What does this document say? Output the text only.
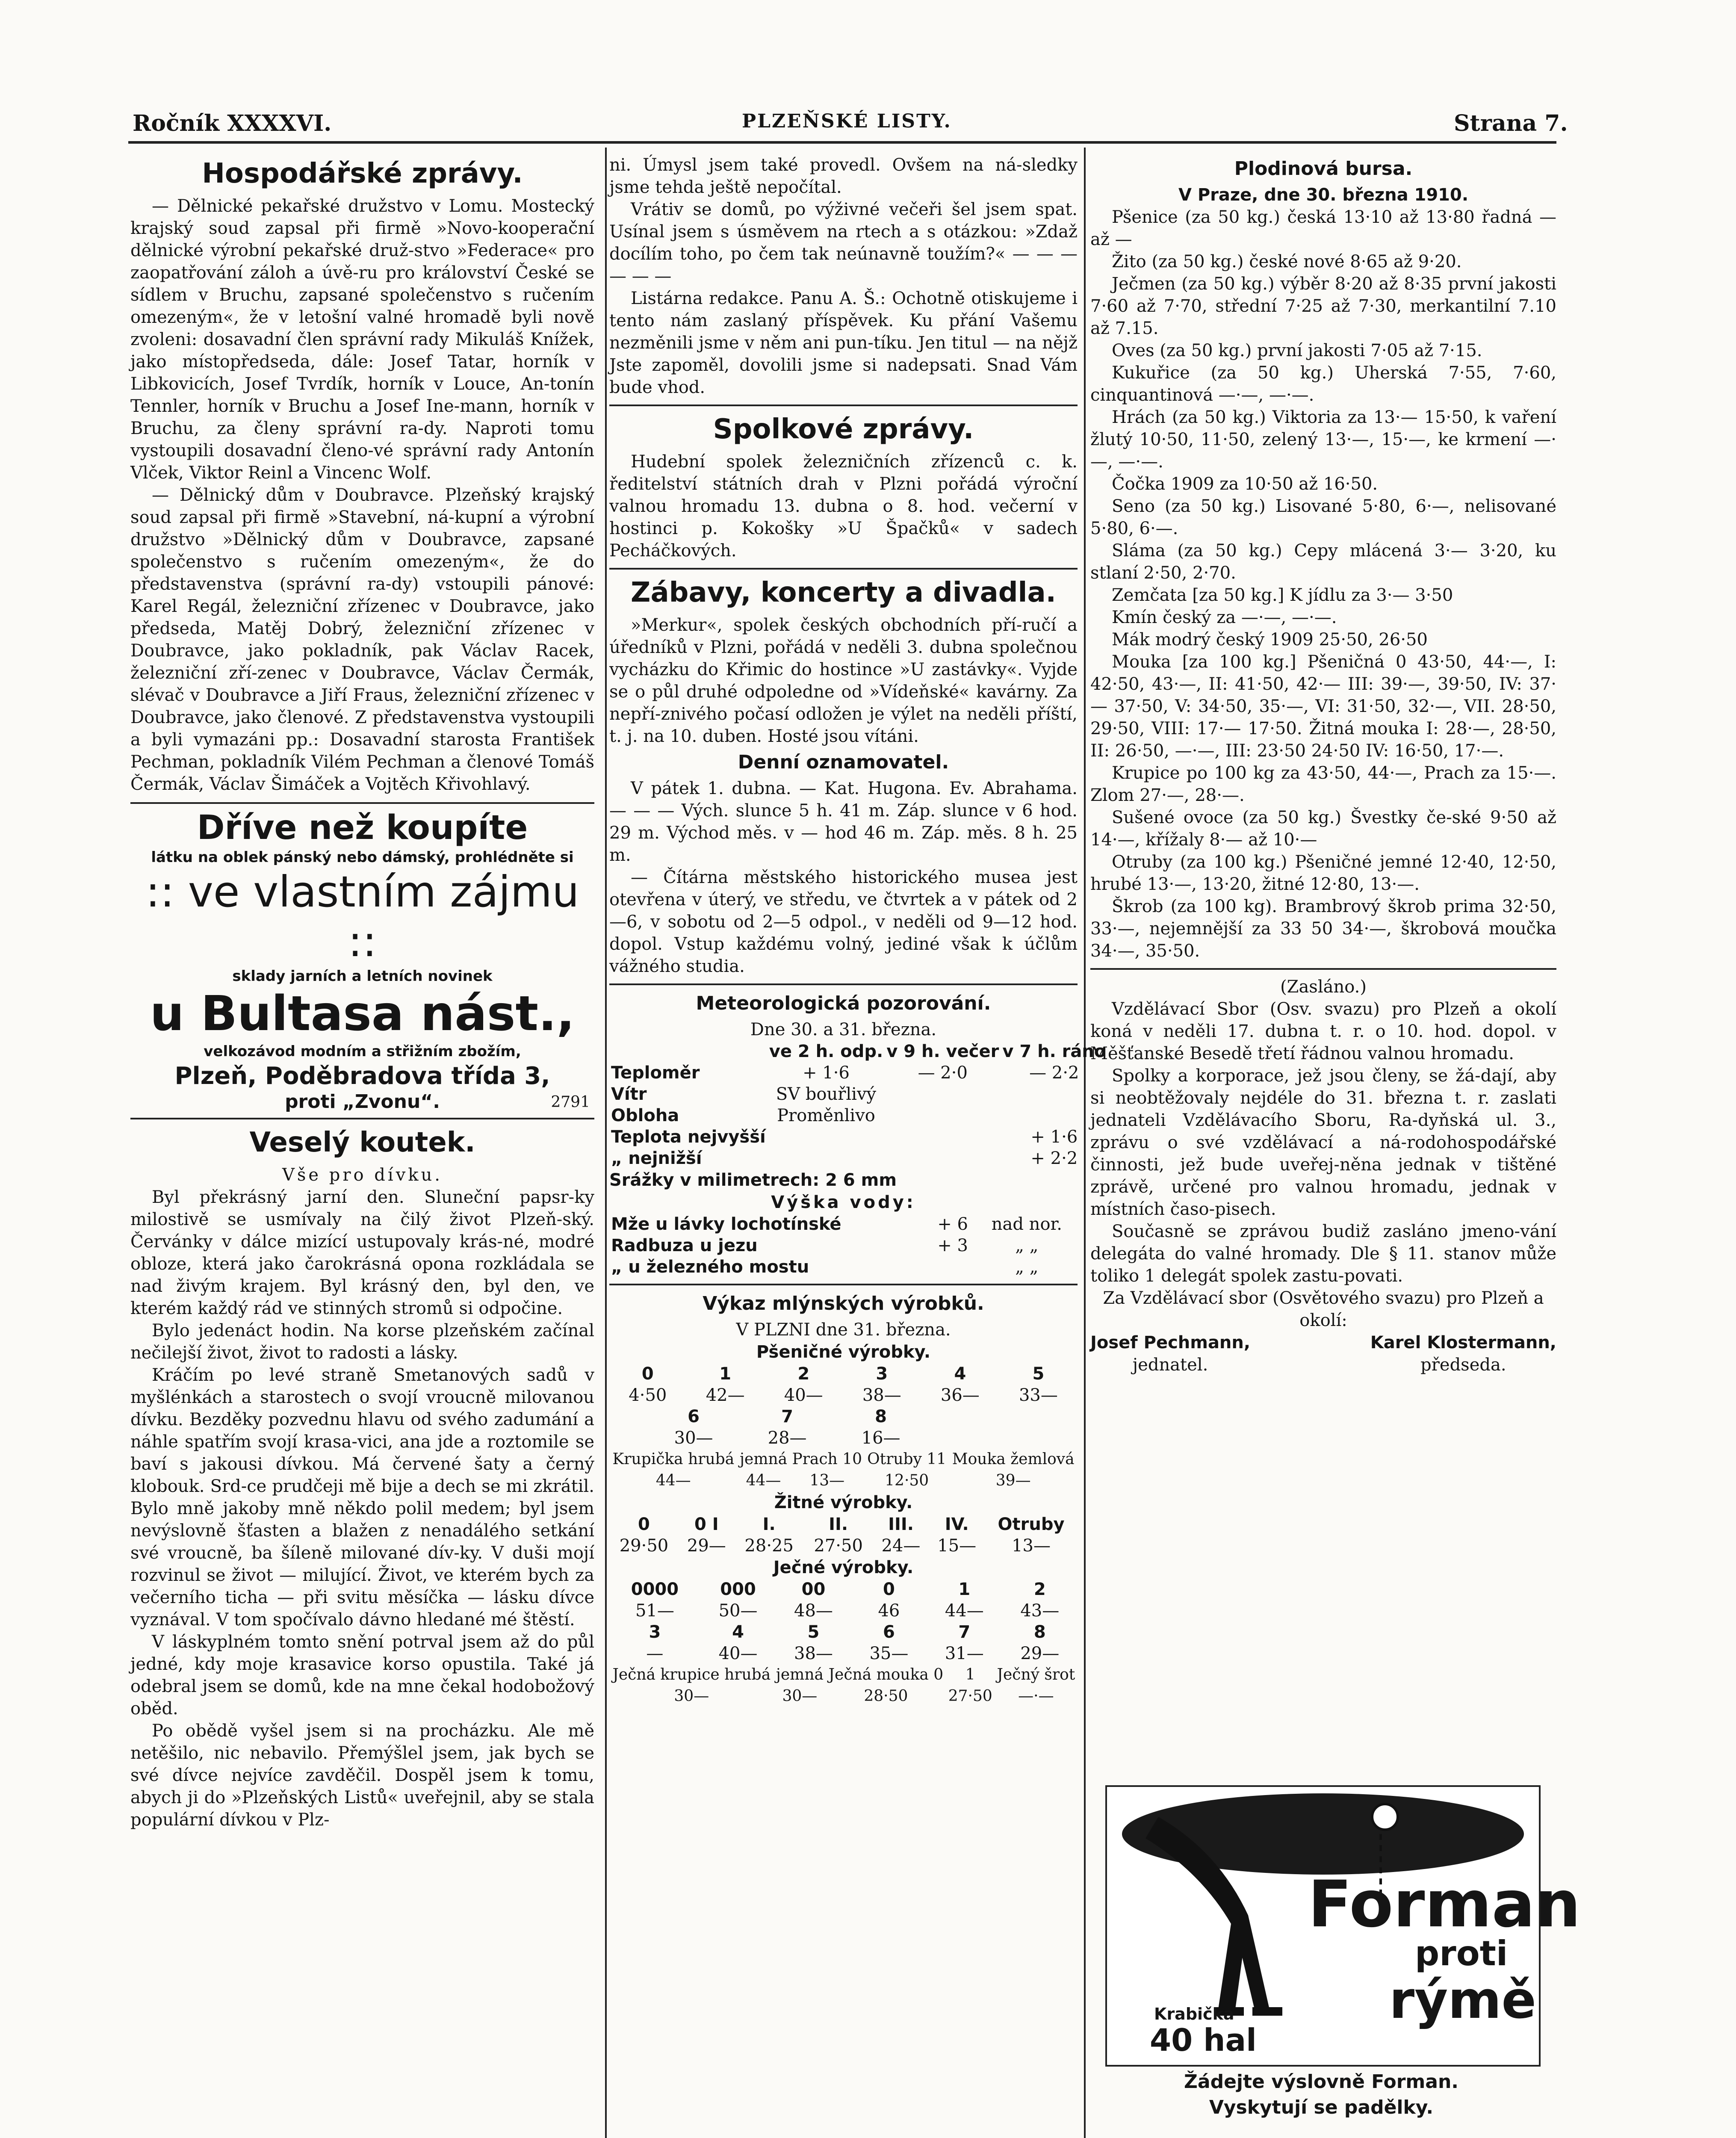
Ročník XXXXVI.	PLZEŇSKÉ LISTY.	Strana 7.
Hospodářské zprávy.

— Dělnické pekařské družstvo v Lomu. Mostecký krajský soud zapsal při firmě »Novo-kooperační dělnické výrobní pekařské druž-stvo »Federace« pro zaopatřování záloh a úvě-ru pro království České se sídlem v Bruchu, zapsané společenstvo s ručením omezeným«, že v letošní valné hromadě byli nově zvoleni: dosavadní člen správní rady Mikuláš Knížek, jako místopředseda, dále: Josef Tatar, horník v Libkovicích, Josef Tvrdík, horník v Louce, An-tonín Tennler, horník v Bruchu a Josef Ine-mann, horník v Bruchu, za členy správní ra-dy. Naproti tomu vystoupili dosavadní členo-vé správní rady Antonín Vlček, Viktor Reinl a Vincenc Wolf.

— Dělnický dům v Doubravce. Plzeňský krajský soud zapsal při firmě »Stavební, ná-kupní a výrobní družstvo »Dělnický dům v Doubravce, zapsané společenstvo s ručením omezeným«, že do představenstva (správní ra-dy) vstoupili pánové: Karel Regál, železniční zřízenec v Doubravce, jako předseda, Matěj Dobrý, železniční zřízenec v Doubravce, jako pokladník, pak Václav Racek, železniční zří-zenec v Doubravce, Václav Čermák, slévač v Doubravce a Jiří Fraus, železniční zřízenec v Doubravce, jako členové. Z představenstva vystoupili a byli vymazáni pp.: Dosavadní starosta František Pechman, pokladník Vilém Pechman a členové Tomáš Čermák, Václav Šimáček a Vojtěch Křivohlavý.

Dříve než koupíte
látku na oblek pánský nebo dámský, prohlédněte si
:: ve vlastním zájmu ::
sklady jarních a letních novinek
u Bultasa nást.,
velkozávod modním a střižním zbožím,
Plzeň, Poděbradova třída 3,
proti „Zvonu“.	2791
Veselý koutek.

Vše pro dívku.

Byl překrásný jarní den. Sluneční papsr-ky milostivě se usmívaly na čilý život Plzeň-ský. Červánky v dálce mizící ustupovaly krás-né, modré obloze, která jako čarokrásná opona rozkládala se nad živým krajem. Byl krásný den, byl den, ve kterém každý rád ve stinných stromů si odpočine.

Bylo jedenáct hodin. Na korse plzeňském začínal nečilejší život, život to radosti a lásky.

Kráčím po levé straně Smetanových sadů v myšlénkách a starostech o svojí vroucně milovanou dívku. Bezděky pozvednu hlavu od svého zadumání a náhle spatřím svojí krasa-vici, ana jde a roztomile se baví s jakousi dívkou. Má červené šaty a černý klobouk. Srd-ce prudčeji mě bije a dech se mi zkrátil. Bylo mně jakoby mně někdo polil medem; byl jsem nevýslovně šťasten a blažen z nenadálého setkání své vroucně, ba šíleně milované dív-ky. V duši mojí rozvinul se život — milující. Život, ve kterém bych za večerního ticha — při svitu měsíčka — lásku dívce vyznával. V tom spočívalo dávno hledané mé štěstí.

V láskyplném tomto snění potrval jsem až do půl jedné, kdy moje krasavice korso opustila. Také já odebral jsem se domů, kde na mne čekal hodobožový oběd.

Po obědě vyšel jsem si na procházku. Ale mě netěšilo, nic nebavilo. Přemýšlel jsem, jak bych se své dívce nejvíce zavděčil. Dospěl jsem k tomu, abych ji do »Plzeňských Listů« uveřejnil, aby se stala populární dívkou v Plz-

ni. Úmysl jsem také provedl. Ovšem na ná-sledky jsme tehda ještě nepočítal.

Vrátiv se domů, po výživné večeři šel jsem spat. Usínal jsem s úsměvem na rtech a s otázkou: »Zdaž docílím toho, po čem tak neúnavně toužím?« — — — — — —

Listárna redakce. Panu A. Š.: Ochotně otiskujeme i tento nám zaslaný příspěvek. Ku přání Vašemu nezměnili jsme v něm ani pun-tíku. Jen titul — na nějž Jste zapoměl, dovolili jsme si nadepsati. Snad Vám bude vhod.

Spolkové zprávy.

Hudební spolek železničních zřízenců c. k. ředitelství státních drah v Plzni pořádá výroční valnou hromadu 13. dubna o 8. hod. večerní v hostinci p. Kokošky »U Špačků« v sadech Pecháčkových.

Zábavy, koncerty a divadla.

»Merkur«, spolek českých obchodních pří-ručí a úředníků v Plzni, pořádá v neděli 3. dubna společnou vycházku do Křimic do hostince »U zastávky«. Vyjde se o půl druhé odpoledne od »Vídeňské« kavárny. Za nepří-znivého počasí odložen je výlet na neděli příští, t. j. na 10. duben. Hosté jsou vítáni.

Denní oznamovatel.

V pátek 1. dubna. — Kat. Hugona. Ev. Abrahama. — — — Vých. slunce 5 h. 41 m. Záp. slunce v 6 hod. 29 m. Východ měs. v — hod 46 m. Záp. měs. 8 h. 25 m.

— Čítárna městského historického musea jest otevřena v úterý, ve středu, ve čtvrtek a v pátek od 2—6, v sobotu od 2—5 odpol., v neděli od 9—12 hod. dopol. Vstup každému volný, jediné však k účlům vážného studia.

Meteorologická pozorování.

Dne 30. a 31. března.

	ve 2 h. odp.	v 9 h. večer	v 7 h. ráno
Teploměr	+ 1·6	— 2·0	— 2·2
Vítr	SV bouřlivý		
Obloha	Proměnlivo		
Teplota nejvyšší			+ 1·6
„ nejnižší			+ 2·2

Srážky v milimetrech: 2 6 mm

Výška vody:

Mže u lávky lochotínské	+ 6	nad nor.
Radbuza u jezu	+ 3	„ „
„ u železného mostu		„ „
Výkaz mlýnských výrobků.

V PLZNI dne 31. března.

Pšeničné výrobky.

0	1	2	3	4	5
4·50	42—	40—	38—	36—	33—
6	7	8
30—	28—	16—
Krupička hrubá	jemná	Prach 10	Otruby 11	Mouka žemlová
44—	44—	13—	12·50	39—

Žitné výrobky.

0	0 I	I.	II.	III.	IV.	Otruby
29·50	29—	28·25	27·50	24—	15—	13—

Ječné výrobky.

0000	000	00	0	1	2
51—	50—	48—	46	44—	43—
3	4	5	6	7	8
—	40—	38—	35—	31—	29—
Ječná krupice hrubá	jemná	Ječná mouka 0	1	Ječný šrot
30—	30—	28·50	27·50	—·—
Plodinová bursa.

V Praze, dne 30. března 1910.

Pšenice (za 50 kg.) česká 13·10 až 13·80 řadná — až —

Žito (za 50 kg.) české nové 8·65 až 9·20.

Ječmen (za 50 kg.) výběr 8·20 až 8·35 první jakosti 7·60 až 7·70, střední 7·25 až 7·30, merkantilní 7.10 až 7.15.

Oves (za 50 kg.) první jakosti 7·05 až 7·15.

Kukuřice (za 50 kg.) Uherská 7·55, 7·60, cinquantinová —·—, —·—.

Hrách (za 50 kg.) Viktoria za 13·— 15·50, k vaření žlutý 10·50, 11·50, zelený 13·—, 15·—, ke krmení —·—, —·—.

Čočka 1909 za 10·50 až 16·50.

Seno (za 50 kg.) Lisované 5·80, 6·—, nelisované 5·80, 6·—.

Sláma (za 50 kg.) Cepy mlácená 3·— 3·20, ku stlaní 2·50, 2·70.

Zemčata [za 50 kg.] K jídlu za 3·— 3·50

Kmín český za —·—, —·—.

Mák modrý český 1909 25·50, 26·50

Mouka [za 100 kg.] Pšeničná 0 43·50, 44·—, I: 42·50, 43·—, II: 41·50, 42·— III: 39·—, 39·50, IV: 37·— 37·50, V: 34·50, 35·—, VI: 31·50, 32·—, VII. 28·50, 29·50, VIII: 17·— 17·50. Žitná mouka I: 28·—, 28·50, II: 26·50, —·—, III: 23·50 24·50 IV: 16·50, 17·—.

Krupice po 100 kg za 43·50, 44·—, Prach za 15·—. Zlom 27·—, 28·—.

Sušené ovoce (za 50 kg.) Švestky če-ské 9·50 až 14·—, křížaly 8·— až 10·—

Otruby (za 100 kg.) Pšeničné jemné 12·40, 12·50, hrubé 13·—, 13·20, žitné 12·80, 13·—.

Škrob (za 100 kg). Brambrový škrob prima 32·50, 33·—, nejemnější za 33 50 34·—, škrobová moučka 34·—, 35·50.

(Zasláno.)

Vzdělávací Sbor (Osv. svazu) pro Plzeň a okolí koná v neděli 17. dubna t. r. o 10. hod. dopol. v Měšťanské Besedě třetí řádnou valnou hromadu.

Spolky a korporace, jež jsou členy, se žá-dají, aby si neobtěžovaly nejdéle do 31. března t. r. zaslati jednateli Vzdělávacího Sboru, Ra-dyňská ul. 3., zprávu o své vzdělávací a ná-rodohospodářské činnosti, jež bude uveřej-něna jednak v tištěné zprávě, určené pro valnou hromadu, jednak v místních časo-pisech.

Současně se zprávou budiž zasláno jmeno-vání delegáta do valné hromady. Dle § 11. stanov může toliko 1 delegát spolek zastu-povati.

Za Vzdělávací sbor (Osvětového svazu) pro Plzeň a okolí:

Josef Pechmann,
jednatel.
Karel Klostermann,
předseda.
Forman
proti
rýmě
Krabička
40 hal
Žádejte výslovně Forman.
Vyskytují se padělky.
